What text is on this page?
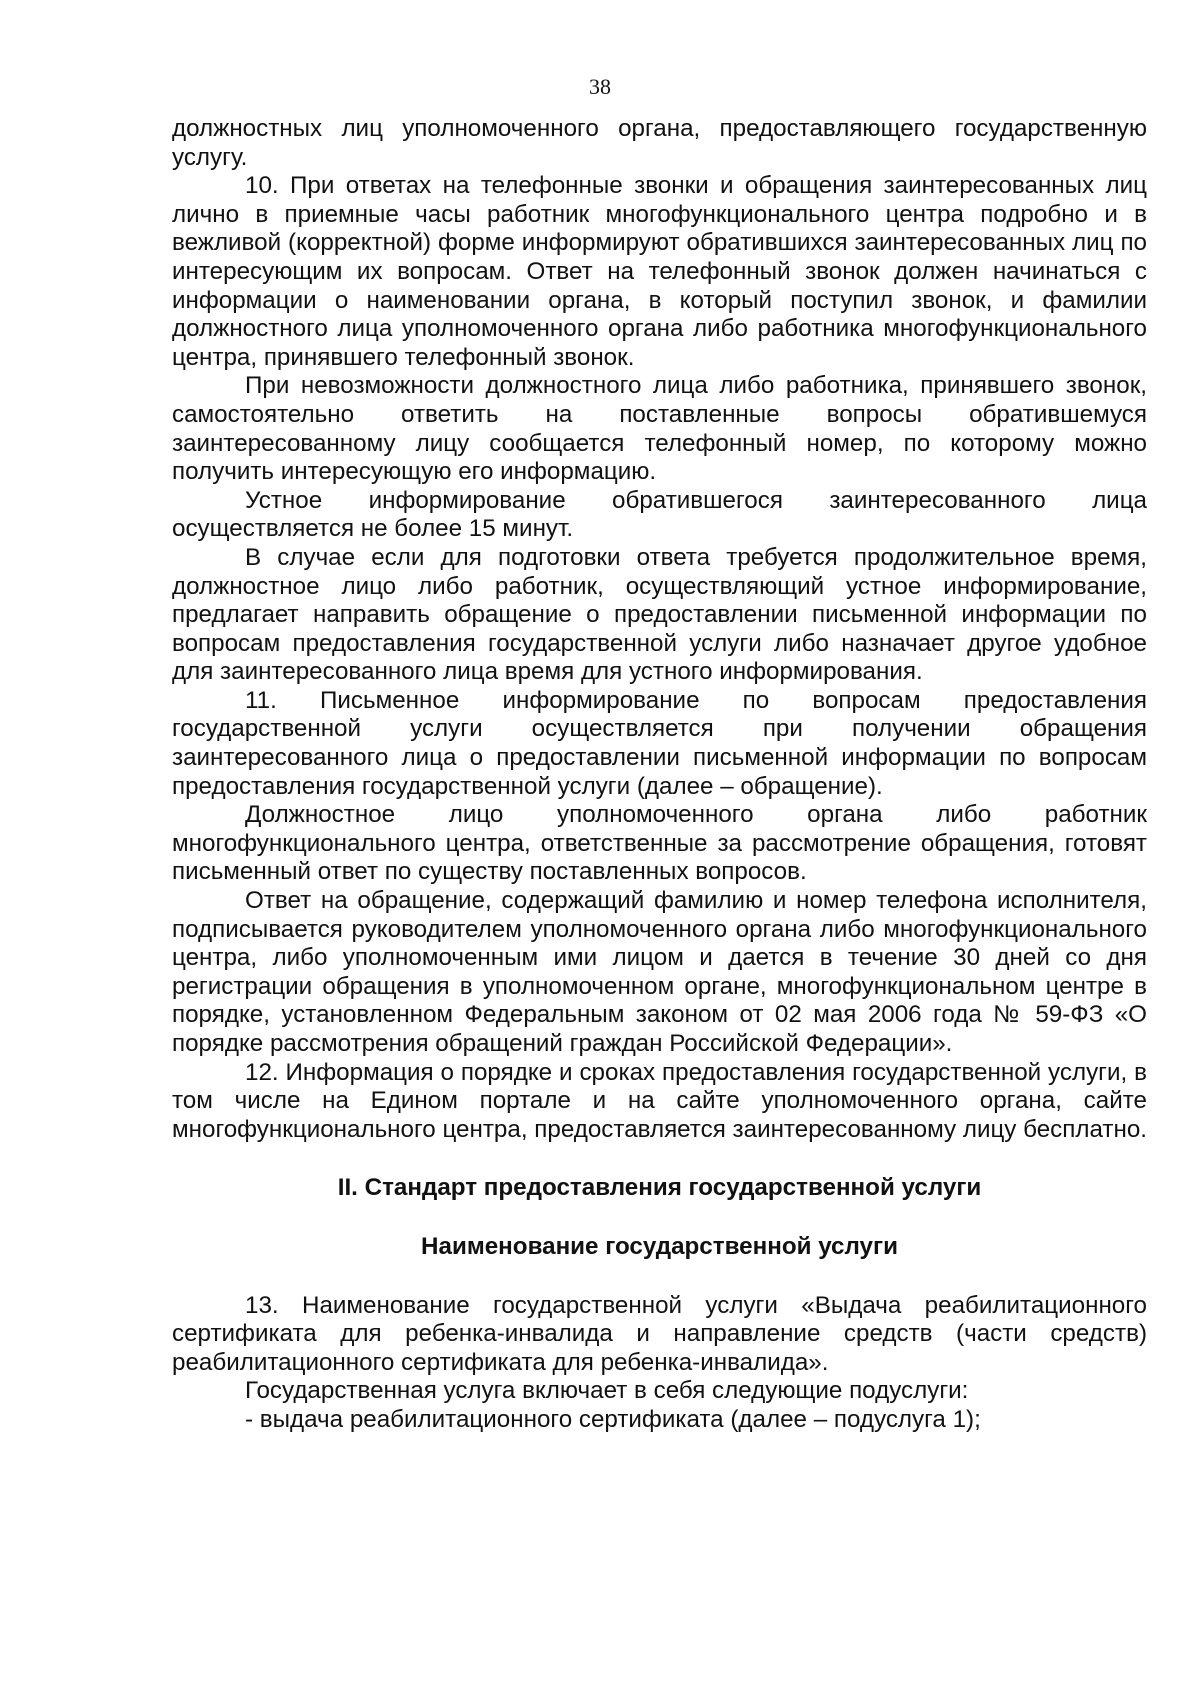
38

должностных лиц уполномоченного органа, предоставляющего государственную услугу.

10. При ответах на телефонные звонки и обращения заинтересованных лиц лично в приемные часы работник многофункционального центра подробно и в вежливой (корректной) форме информируют обратившихся заинтересованных лиц по интересующим их вопросам. Ответ на телефонный звонок должен начинаться с информации о наименовании органа, в который поступил звонок, и фамилии должностного лица уполномоченного органа либо работника многофункционального центра, принявшего телефонный звонок.

При невозможности должностного лица либо работника, принявшего звонок, самостоятельно ответить на поставленные вопросы обратившемуся заинтересованному лицу сообщается телефонный номер, по которому можно получить интересующую его информацию.

Устное информирование обратившегося заинтересованного лица осуществляется не более 15 минут.

В случае если для подготовки ответа требуется продолжительное время, должностное лицо либо работник, осуществляющий устное информирование, предлагает направить обращение о предоставлении письменной информации по вопросам предоставления государственной услуги либо назначает другое удобное для заинтересованного лица время для устного информирования.

11. Письменное информирование по вопросам предоставления государственной услуги осуществляется при получении обращения заинтересованного лица о предоставлении письменной информации по вопросам предоставления государственной услуги (далее – обращение).

Должностное лицо уполномоченного органа либо работник многофункционального центра, ответственные за рассмотрение обращения, готовят письменный ответ по существу поставленных вопросов.

Ответ на обращение, содержащий фамилию и номер телефона исполнителя, подписывается руководителем уполномоченного органа либо многофункционального центра, либо уполномоченным ими лицом и дается в течение 30 дней со дня регистрации обращения в уполномоченном органе, многофункциональном центре в порядке, установленном Федеральным законом от 02 мая 2006 года № 59-ФЗ «О порядке рассмотрения обращений граждан Российской Федерации».

12. Информация о порядке и сроках предоставления государственной услуги, в том числе на Едином портале и на сайте уполномоченного органа, сайте многофункционального центра, предоставляется заинтересованному лицу бесплатно.

II. Стандарт предоставления государственной услуги
Наименование государственной услуги

13. Наименование государственной услуги «Выдача реабилитационного сертификата для ребенка-инвалида и направление средств (части средств) реабилитационного сертификата для ребенка-инвалида».

Государственная услуга включает в себя следующие подуслуги:

- выдача реабилитационного сертификата (далее – подуслуга 1);
